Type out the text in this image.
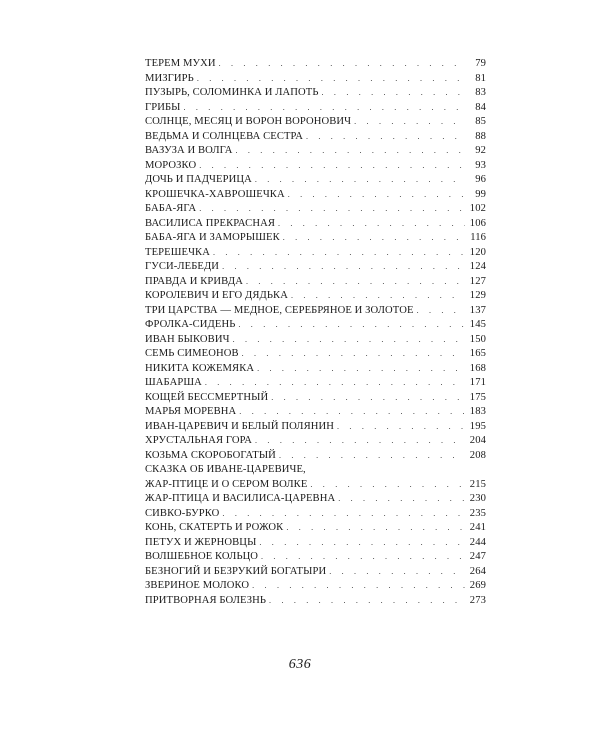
ТЕРЕМ МУХИ . . .	79
МИЗГИРЬ . . .	81
ПУЗЫРЬ, СОЛОМИНКА И ЛАПОТЬ . . .	83
ГРИБЫ . . .	84
СОЛНЦЕ, МЕСЯЦ И ВОРОН ВОРОНОВИЧ . . .	85
ВЕДЬМА И СОЛНЦЕВА СЕСТРА . . .	88
ВАЗУЗА И ВОЛГА . . .	92
МОРОЗКО . . .	93
ДОЧЬ И ПАДЧЕРИЦА . . .	96
КРОШЕЧКА-ХАВРОШЕЧКА . . .	99
БАБА-ЯГА . . .	102
ВАСИЛИСА ПРЕКРАСНАЯ . . .	106
БАБА-ЯГА И ЗАМОРЫШЕК . . .	116
ТЕРЕШЕЧКА . . .	120
ГУСИ-ЛЕБЕДИ . . .	124
ПРАВДА И КРИВДА . . .	127
КОРОЛЕВИЧ И ЕГО ДЯДЬКА . . .	129
ТРИ ЦАРСТВА — МЕДНОЕ, СЕРЕБРЯНОЕ И ЗОЛОТОЕ . . .	137
ФРОЛКА-СИДЕНЬ . . .	145
ИВАН БЫКОВИЧ . . .	150
СЕМЬ СИМЕОНОВ . . .	165
НИКИТА КОЖЕМЯКА . . .	168
ШАБАРША . . .	171
КОЩЕЙ БЕССМЕРТНЫЙ . . .	175
МАРЬЯ МОРЕВНА . . .	183
ИВАН-ЦАРЕВИЧ И БЕЛЫЙ ПОЛЯНИН . . .	195
ХРУСТАЛЬНАЯ ГОРА . . .	204
КОЗЬМА СКОРОБОГАТЫЙ . . .	208
СКАЗКА ОБ ИВАНЕ-ЦАРЕВИЧЕ,
ЖАР-ПТИЦЕ И О СЕРОМ ВОЛКЕ . . .	215
ЖАР-ПТИЦА И ВАСИЛИСА-ЦАРЕВНА . . .	230
СИВКО-БУРКО . . .	235
КОНЬ, СКАТЕРТЬ И РОЖОК . . .	241
ПЕТУХ И ЖЕРНОВЦЫ . . .	244
ВОЛШЕБНОЕ КОЛЬЦО . . .	247
БЕЗНОГИЙ И БЕЗРУКИЙ БОГАТЫРИ . . .	264
ЗВЕРИНОЕ МОЛОКО . . .	269
ПРИТВОРНАЯ БОЛЕЗНЬ . . .	273
636
